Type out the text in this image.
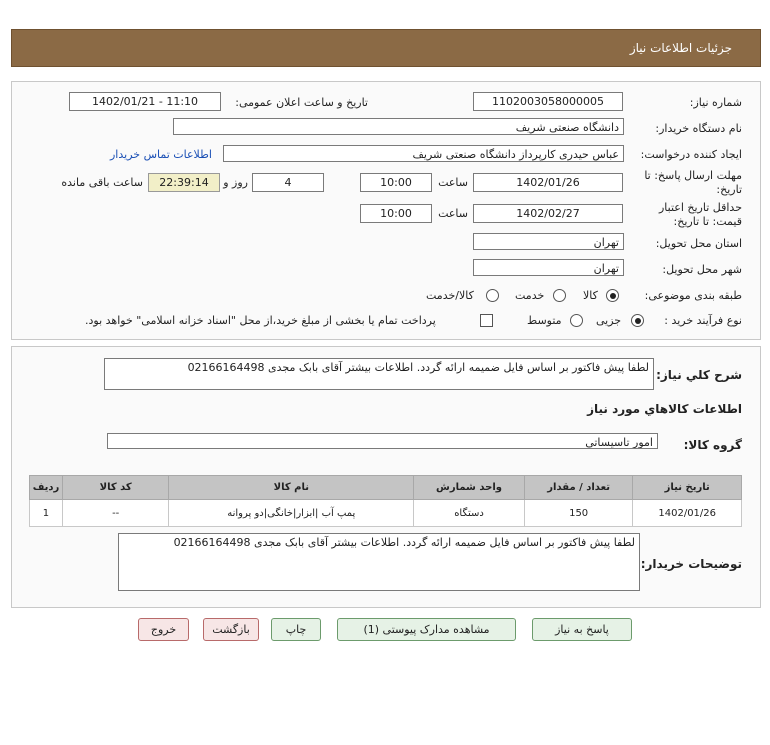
جزئیات اطلاعات نیاز
شماره نیاز:
1102003058000005
تاریخ و ساعت اعلان عمومی:
1402/01/21 - 11:10
نام دستگاه خریدار:
دانشگاه صنعتی شریف
ایجاد کننده درخواست:
عباس حیدری کارپرداز دانشگاه صنعتی شریف
اطلاعات تماس خریدار
مهلت ارسال پاسخ: تا
تاریخ:
1402/01/26
ساعت
10:00
4
روز و
22:39:14
ساعت باقی مانده
حداقل تاریخ اعتبار
قیمت: تا تاریخ:
1402/02/27
ساعت
10:00
استان محل تحویل:
تهران
شهر محل تحویل:
تهران
طبقه بندی موضوعی:
کالا
خدمت
کالا/خدمت
نوع فرآیند خرید :
جزیی
متوسط
پرداخت تمام یا بخشی از مبلغ خرید،از محل "اسناد خزانه اسلامی" خواهد بود.
شرح کلي نياز:
لطفا پیش فاکتور بر اساس فایل ضمیمه ارائه گردد. اطلاعات بیشتر آقای بابک مجدی 02166164498
اطلاعات کالاهاي مورد نياز
گروه کالا:
امور تاسیساتی
ردیف	کد کالا	نام کالا	واحد شمارش	تعداد / مقدار	تاریخ نیاز
1	--	پمپ آب |ابزار|خانگی|دو پروانه	دستگاه	150	1402/01/26
توضیحات خریدار:
لطفا پیش فاکتور بر اساس فایل ضمیمه ارائه گردد. اطلاعات بیشتر آقای بابک مجدی 02166164498
پاسخ به نیاز
مشاهده مدارک پیوستی (1)
چاپ
بازگشت
خروج
